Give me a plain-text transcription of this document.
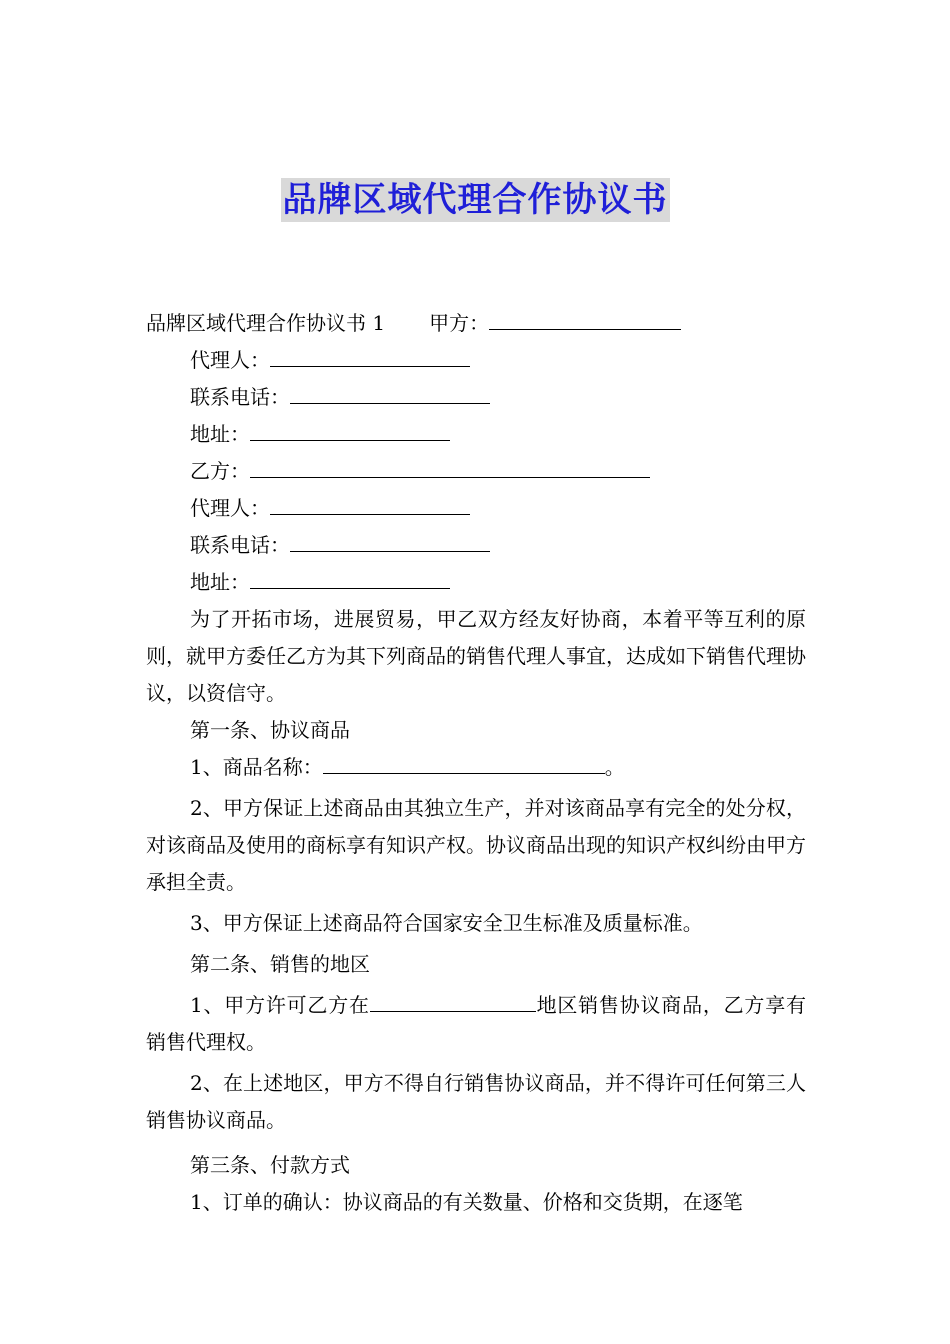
品牌区域代理合作协议书

品牌区域代理合作协议书 1 甲方：

代理人：

联系电话：

地址：

乙方：

代理人：

联系电话：

地址：

为了开拓市场，进展贸易，甲乙双方经友好协商，本着平等互利的原则，就甲方委任乙方为其下列商品的销售代理人事宜，达成如下销售代理协议，以资信守。

第一条、协议商品

1、商品名称：	。

2、甲方保证上述商品由其独立生产，并对该商品享有完全的处分权，对该商品及使用的商标享有知识产权。协议商品出现的知识产权纠纷由甲方承担全责。

3、甲方保证上述商品符合国家安全卫生标准及质量标准。

第二条、销售的地区

1、甲方许可乙方在	地区销售协议商品，乙方享有销售代理权。

2、在上述地区，甲方不得自行销售协议商品，并不得许可任何第三人销售协议商品。

第三条、付款方式

1、订单的确认：协议商品的有关数量、价格和交货期，在逐笔
